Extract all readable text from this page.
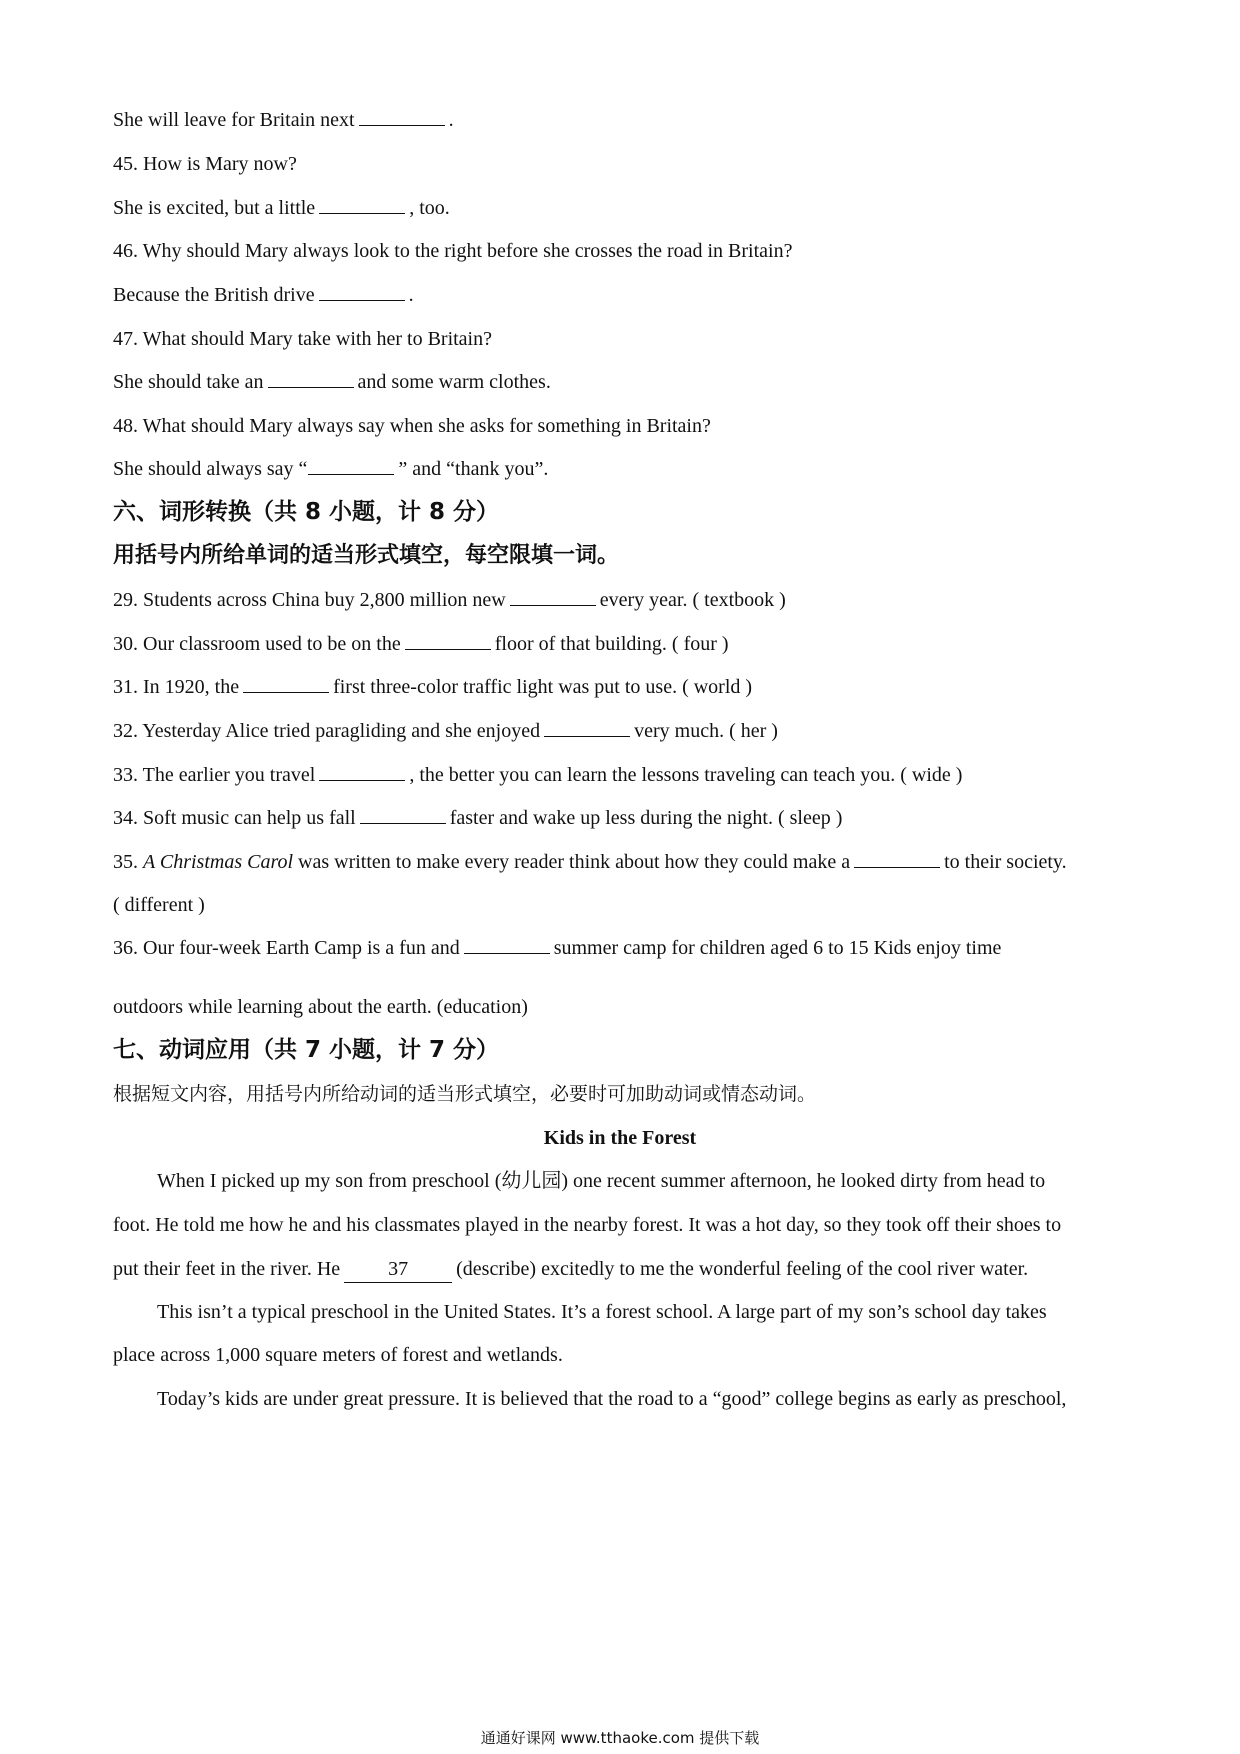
She will leave for Britain next	.
45. How is Mary now?
She is excited, but a little	, too.
46. Why should Mary always look to the right before she crosses the road in Britain?
Because the British drive	.
47. What should Mary take with her to Britain?
She should take an	and some warm clothes.
48. What should Mary always say when she asks for something in Britain?
She should always say “	” and “thank you”.
六、词形转换（共 8 小题，计 8 分）
用括号内所给单词的适当形式填空，每空限填一词。
29. Students across China buy 2,800 million new	every year. ( textbook )
30. Our classroom used to be on the	floor of that building. ( four )
31. In 1920, the	first three-color traffic light was put to use. ( world )
32. Yesterday Alice tried paragliding and she enjoyed	very much. ( her )
33. The earlier you travel	, the better you can learn the lessons traveling can teach you. ( wide )
34. Soft music can help us fall	faster and wake up less during the night. ( sleep )
35. A Christmas Carol was written to make every reader think about how they could make a	to their society.
( different )
36. Our four-week Earth Camp is a fun and	summer camp for children aged 6 to 15 Kids enjoy time
outdoors while learning about the earth. (education)
七、动词应用（共 7 小题，计 7 分）
根据短文内容，用括号内所给动词的适当形式填空，必要时可加助动词或情态动词。
Kids in the Forest
When I picked up my son from preschool (幼儿园) one recent summer afternoon, he looked dirty from head to
foot. He told me how he and his classmates played in the nearby forest. It was a hot day, so they took off their shoes to
put their feet in the river. He 37 (describe) excitedly to me the wonderful feeling of the cool river water.
This isn’t a typical preschool in the United States. It’s a forest school. A large part of my son’s school day takes
place across 1,000 square meters of forest and wetlands.
Today’s kids are under great pressure. It is believed that the road to a “good” college begins as early as preschool,
通通好课网 www.tthaoke.com 提供下载
